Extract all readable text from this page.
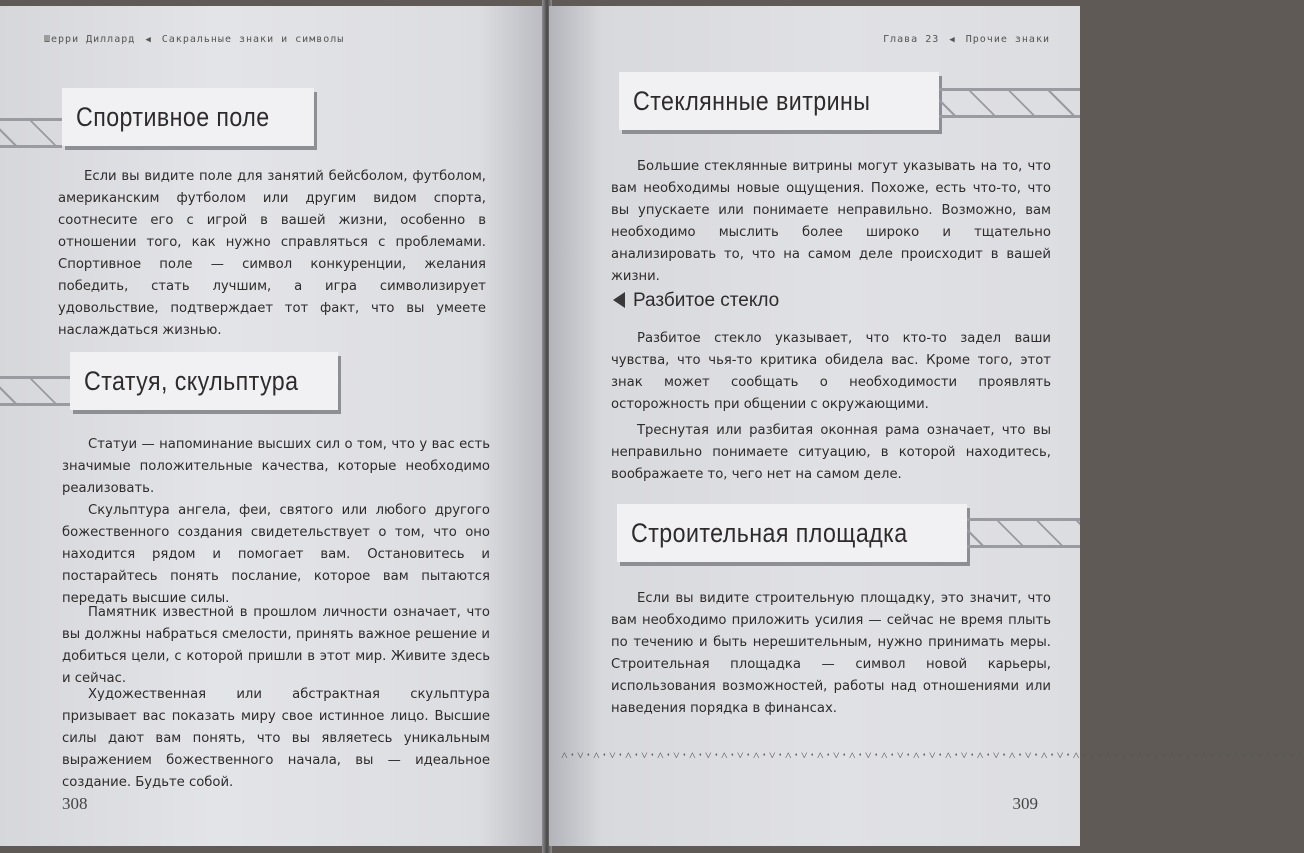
Шерри Диллард ◀ Сакральные знаки и символы
Спортивное поле

Если вы видите поле для занятий бейсболом, футболом, американским футболом или другим видом спорта, соотнесите его с игрой в вашей жизни, особенно в отношении того, как нужно справляться с проблемами. Спортивное поле — символ конкуренции, желания победить, стать лучшим, а игра символизирует удовольствие, подтверждает тот факт, что вы умеете наслаждаться жизнью.

Статуя, скульптура

Статуи — напоминание высших сил о том, что у вас есть значимые положительные качества, которые необходимо реализовать.

Скульптура ангела, феи, святого или любого другого божественного создания свидетельствует о том, что оно находится рядом и помогает вам. Остановитесь и постарайтесь понять послание, которое вам пытаются передать высшие силы.

Памятник известной в прошлом личности означает, что вы должны набраться смелости, принять важное решение и добиться цели, с которой пришли в этот мир. Живите здесь и сейчас.

Художественная или абстрактная скульптура призывает вас показать миру свое истинное лицо. Высшие силы дают вам понять, что вы являетесь уникальным выражением божественного начала, вы — идеальное создание. Будьте собой.

308
Глава 23 ◀ Прочие знаки
Стеклянные витрины

Большие стеклянные витрины могут указывать на то, что вам необходимы новые ощущения. Похоже, есть что-то, что вы упускаете или понимаете неправильно. Возможно, вам необходимо мыслить более широко и тщательно анализировать то, что на самом деле происходит в вашей жизни.

Разбитое стекло

Разбитое стекло указывает, что кто-то задел ваши чувства, что чья-то критика обидела вас. Кроме того, этот знак может сообщать о необходимости проявлять осторожность при общении с окружающими.

Треснутая или разбитая оконная рама означает, что вы неправильно понимаете ситуацию, в которой находитесь, воображаете то, чего нет на самом деле.

Строительная площадка

Если вы видите строительную площадку, это значит, что вам необходимо приложить усилия — сейчас не время плыть по течению и быть нерешительным, нужно принимать меры. Строительная площадка — символ новой карьеры, использования возможностей, работы над отношениями или наведения порядка в финансах.

˄·˅·˄·˅·˄·˅·˄·˅·˄·˅·˄·˅·˄·˅·˄·˅·˄·˅·˄·˅·˄·˅·˄·˅·˄·˅·˄·˅·˄·˅·˄·˅·˄·˅·˄·˅·˄·˅·˄·˅·˄·˅·˄·˅·˄·˅·˄
309
